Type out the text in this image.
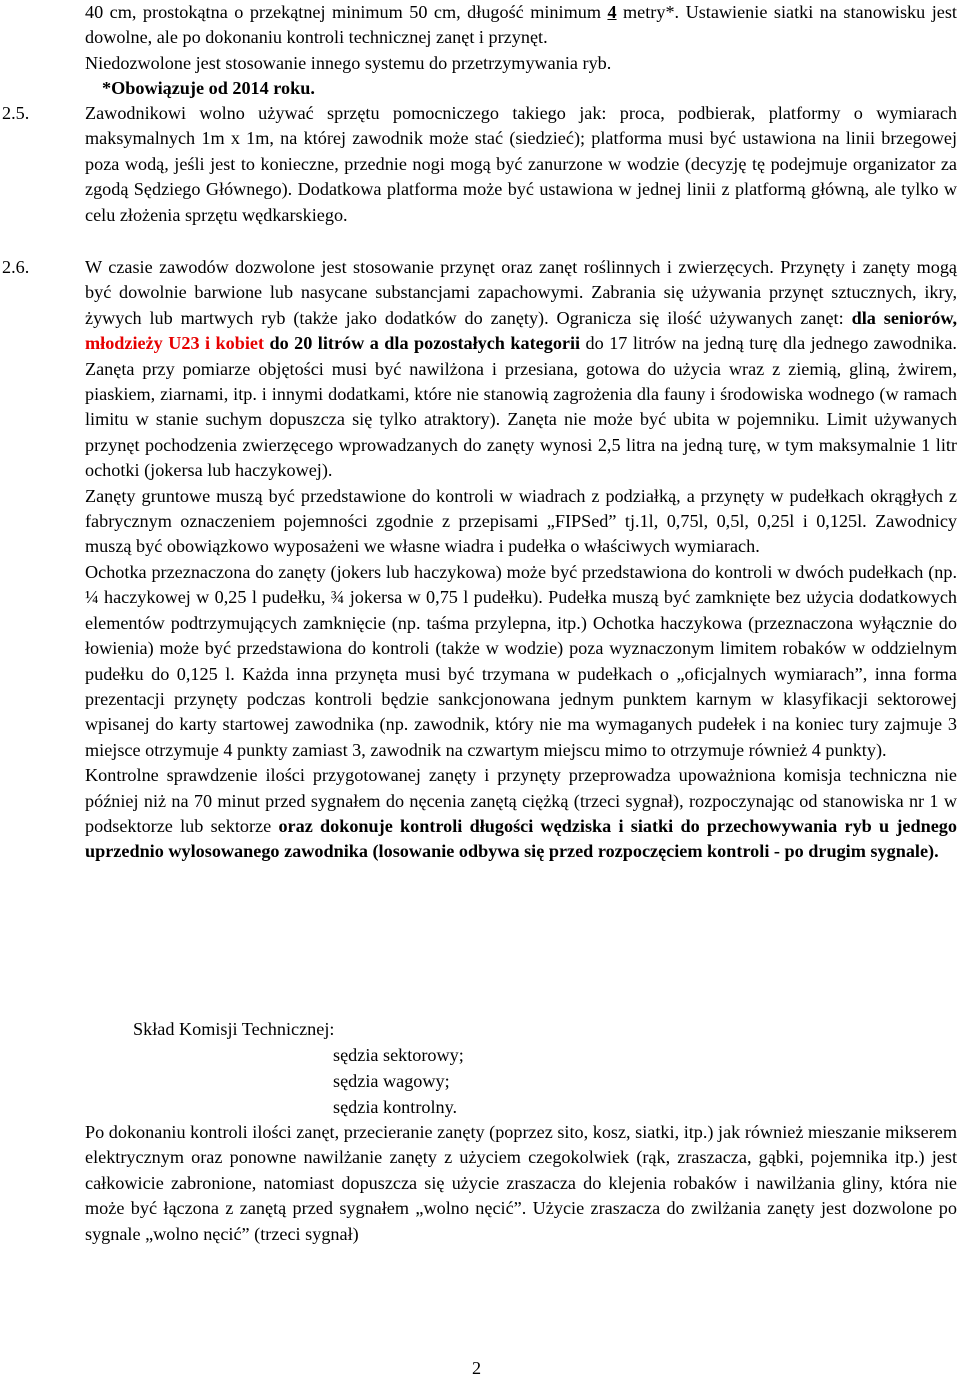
40 cm, prostokątna o przekątnej minimum 50 cm, długość minimum 4 metry*. Ustawienie siatki na stanowisku jest dowolne, ale po dokonaniu kontroli technicznej zanęt i przynęt.

Niedozwolone jest stosowanie innego systemu do przetrzymywania ryb.

*Obowiązuje od 2014 roku.

2.5.	Zawodnikowi wolno używać sprzętu pomocniczego takiego jak: proca, podbierak, platformy o wymiarach maksymalnych 1m x 1m, na której zawodnik może stać (siedzieć); platforma musi być ustawiona na linii brzegowej poza wodą, jeśli jest to konieczne, przednie nogi mogą być zanurzone w wodzie (decyzję tę podejmuje organizator za zgodą Sędziego Głównego). Dodatkowa platforma może być ustawiona w jednej linii z platformą główną, ale tylko w celu złożenia sprzętu wędkarskiego.

2.6.	W czasie zawodów dozwolone jest stosowanie przynęt oraz zanęt roślinnych i zwierzęcych. Przynęty i zanęty mogą być dowolnie barwione lub nasycane substancjami zapachowymi. Zabrania się używania przynęt sztucznych, ikry, żywych lub martwych ryb (także jako dodatków do zanęty). Ogranicza się ilość używanych zanęt: dla seniorów, młodzieży U23 i kobiet do 20 litrów a dla pozostałych kategorii do 17 litrów na jedną turę dla jednego zawodnika. Zanęta przy pomiarze objętości musi być nawilżona i przesiana, gotowa do użycia wraz z ziemią, gliną, żwirem, piaskiem, ziarnami, itp. i innymi dodatkami, które nie stanowią zagrożenia dla fauny i środowiska wodnego (w ramach limitu w stanie suchym dopuszcza się tylko atraktory). Zanęta nie może być ubita w pojemniku. Limit używanych przynęt pochodzenia zwierzęcego wprowadzanych do zanęty wynosi 2,5 litra na jedną turę, w tym maksymalnie 1 litr ochotki (jokersa lub haczykowej).

Zanęty gruntowe muszą być przedstawione do kontroli w wiadrach z podziałką, a przynęty w pudełkach okrągłych z fabrycznym oznaczeniem pojemności zgodnie z przepisami „FIPSed” tj.1l, 0,75l, 0,5l, 0,25l i 0,125l. Zawodnicy muszą być obowiązkowo wyposażeni we własne wiadra i pudełka o właściwych wymiarach.

Ochotka przeznaczona do zanęty (jokers lub haczykowa) może być przedstawiona do kontroli w dwóch pudełkach (np. ¼ haczykowej w 0,25 l pudełku, ¾ jokersa w 0,75 l pudełku). Pudełka muszą być zamknięte bez użycia dodatkowych elementów podtrzymujących zamknięcie (np. taśma przylepna, itp.) Ochotka haczykowa (przeznaczona wyłącznie do łowienia) może być przedstawiona do kontroli (także w wodzie) poza wyznaczonym limitem robaków w oddzielnym pudełku do 0,125 l. Każda inna przynęta musi być trzymana w pudełkach o „oficjalnych wymiarach”, inna forma prezentacji przynęty podczas kontroli będzie sankcjonowana jednym punktem karnym w klasyfikacji sektorowej wpisanej do karty startowej zawodnika (np. zawodnik, który nie ma wymaganych pudełek i na koniec tury zajmuje 3 miejsce otrzymuje 4 punkty zamiast 3, zawodnik na czwartym miejscu mimo to otrzymuje również 4 punkty).

Kontrolne sprawdzenie ilości przygotowanej zanęty i przynęty przeprowadza upoważniona komisja techniczna nie później niż na 70 minut przed sygnałem do nęcenia zanętą ciężką (trzeci sygnał), rozpoczynając od stanowiska nr 1 w podsektorze lub sektorze oraz dokonuje kontroli długości wędziska i siatki do przechowywania ryb u jednego uprzednio wylosowanego zawodnika (losowanie odbywa się przed rozpoczęciem kontroli - po drugim sygnale).

Skład Komisji Technicznej:
sędzia sektorowy;
sędzia wagowy;
sędzia kontrolny.

Po dokonaniu kontroli ilości zanęt, przecieranie zanęty (poprzez sito, kosz, siatki, itp.) jak również mieszanie mikserem elektrycznym oraz ponowne nawilżanie zanęty z użyciem czegokolwiek (rąk, zraszacza, gąbki, pojemnika itp.) jest całkowicie zabronione, natomiast dopuszcza się użycie zraszacza do klejenia robaków i nawilżania gliny, która nie może być łączona z zanętą przed sygnałem „wolno nęcić”. Użycie zraszacza do zwilżania zanęty jest dozwolone po sygnale „wolno nęcić” (trzeci sygnał)

2
